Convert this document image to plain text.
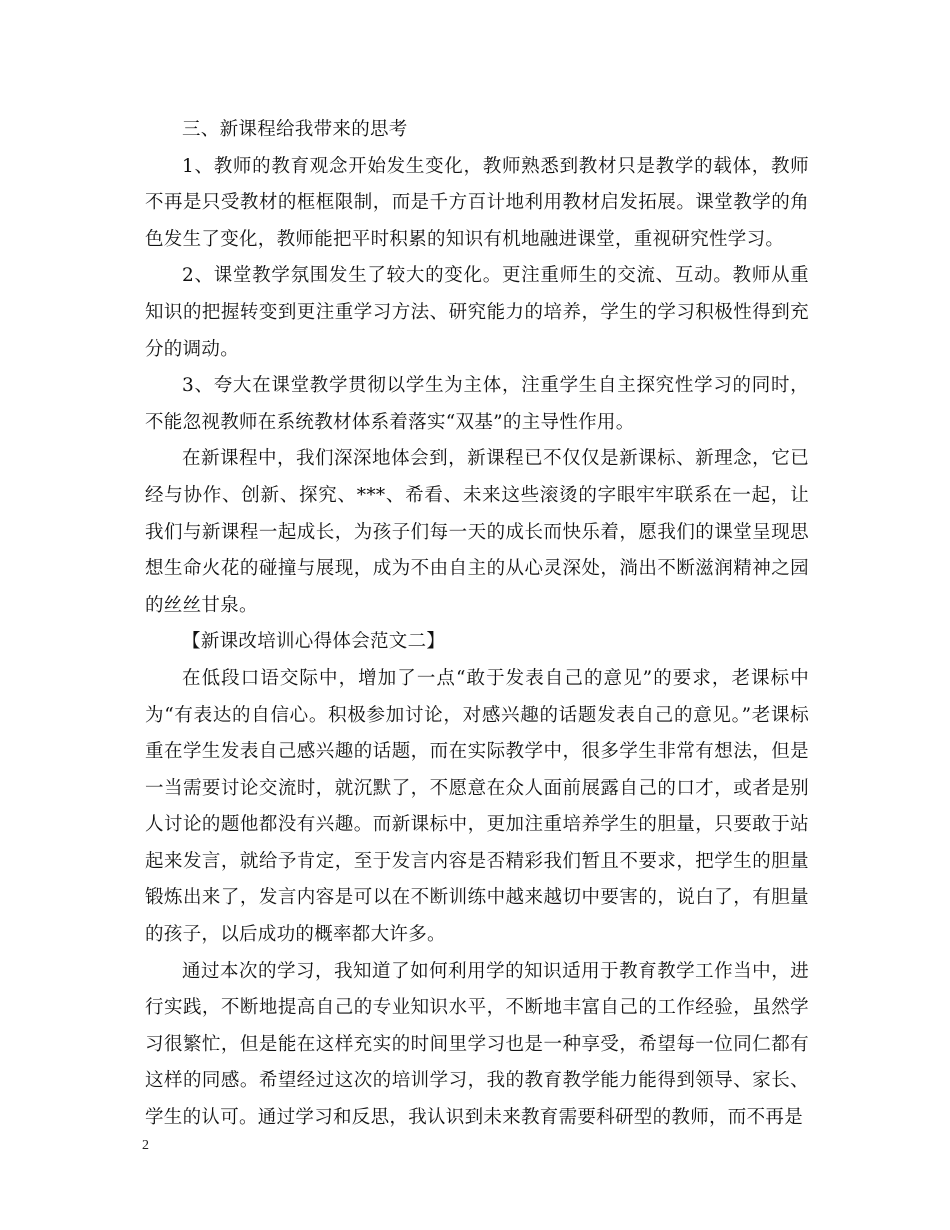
三、新课程给我带来的思考

1、教师的教育观念开始发生变化，教师熟悉到教材只是教学的载体，教师不再是只受教材的框框限制，而是千方百计地利用教材启发拓展。课堂教学的角色发生了变化，教师能把平时积累的知识有机地融进课堂，重视研究性学习。

2、课堂教学氛围发生了较大的变化。更注重师生的交流、互动。教师从重知识的把握转变到更注重学习方法、研究能力的培养，学生的学习积极性得到充分的调动。

3、夸大在课堂教学贯彻以学生为主体，注重学生自主探究性学习的同时，不能忽视教师在系统教材体系着落实“双基”的主导性作用。

在新课程中，我们深深地体会到，新课程已不仅仅是新课标、新理念，它已经与协作、创新、探究、***、希看、未来这些滚烫的字眼牢牢联系在一起，让我们与新课程一起成长，为孩子们每一天的成长而快乐着，愿我们的课堂呈现思想生命火花的碰撞与展现，成为不由自主的从心灵深处，淌出不断滋润精神之园的丝丝甘泉。

【新课改培训心得体会范文二】

在低段口语交际中，增加了一点“敢于发表自己的意见”的要求，老课标中为“有表达的自信心。积极参加讨论，对感兴趣的话题发表自己的意见。”老课标重在学生发表自己感兴趣的话题，而在实际教学中，很多学生非常有想法，但是一当需要讨论交流时，就沉默了，不愿意在众人面前展露自己的口才，或者是别人讨论的题他都没有兴趣。而新课标中，更加注重培养学生的胆量，只要敢于站起来发言，就给予肯定，至于发言内容是否精彩我们暂且不要求，把学生的胆量锻炼出来了，发言内容是可以在不断训练中越来越切中要害的，说白了，有胆量的孩子，以后成功的概率都大许多。

通过本次的学习，我知道了如何利用学的知识适用于教育教学工作当中，进行实践，不断地提高自己的专业知识水平，不断地丰富自己的工作经验，虽然学习很繁忙，但是能在这样充实的时间里学习也是一种享受，希望每一位同仁都有这样的同感。希望经过这次的培训学习，我的教育教学能力能得到领导、家长、学生的认可。通过学习和反思，我认识到未来教育需要科研型的教师，而不再是

2
